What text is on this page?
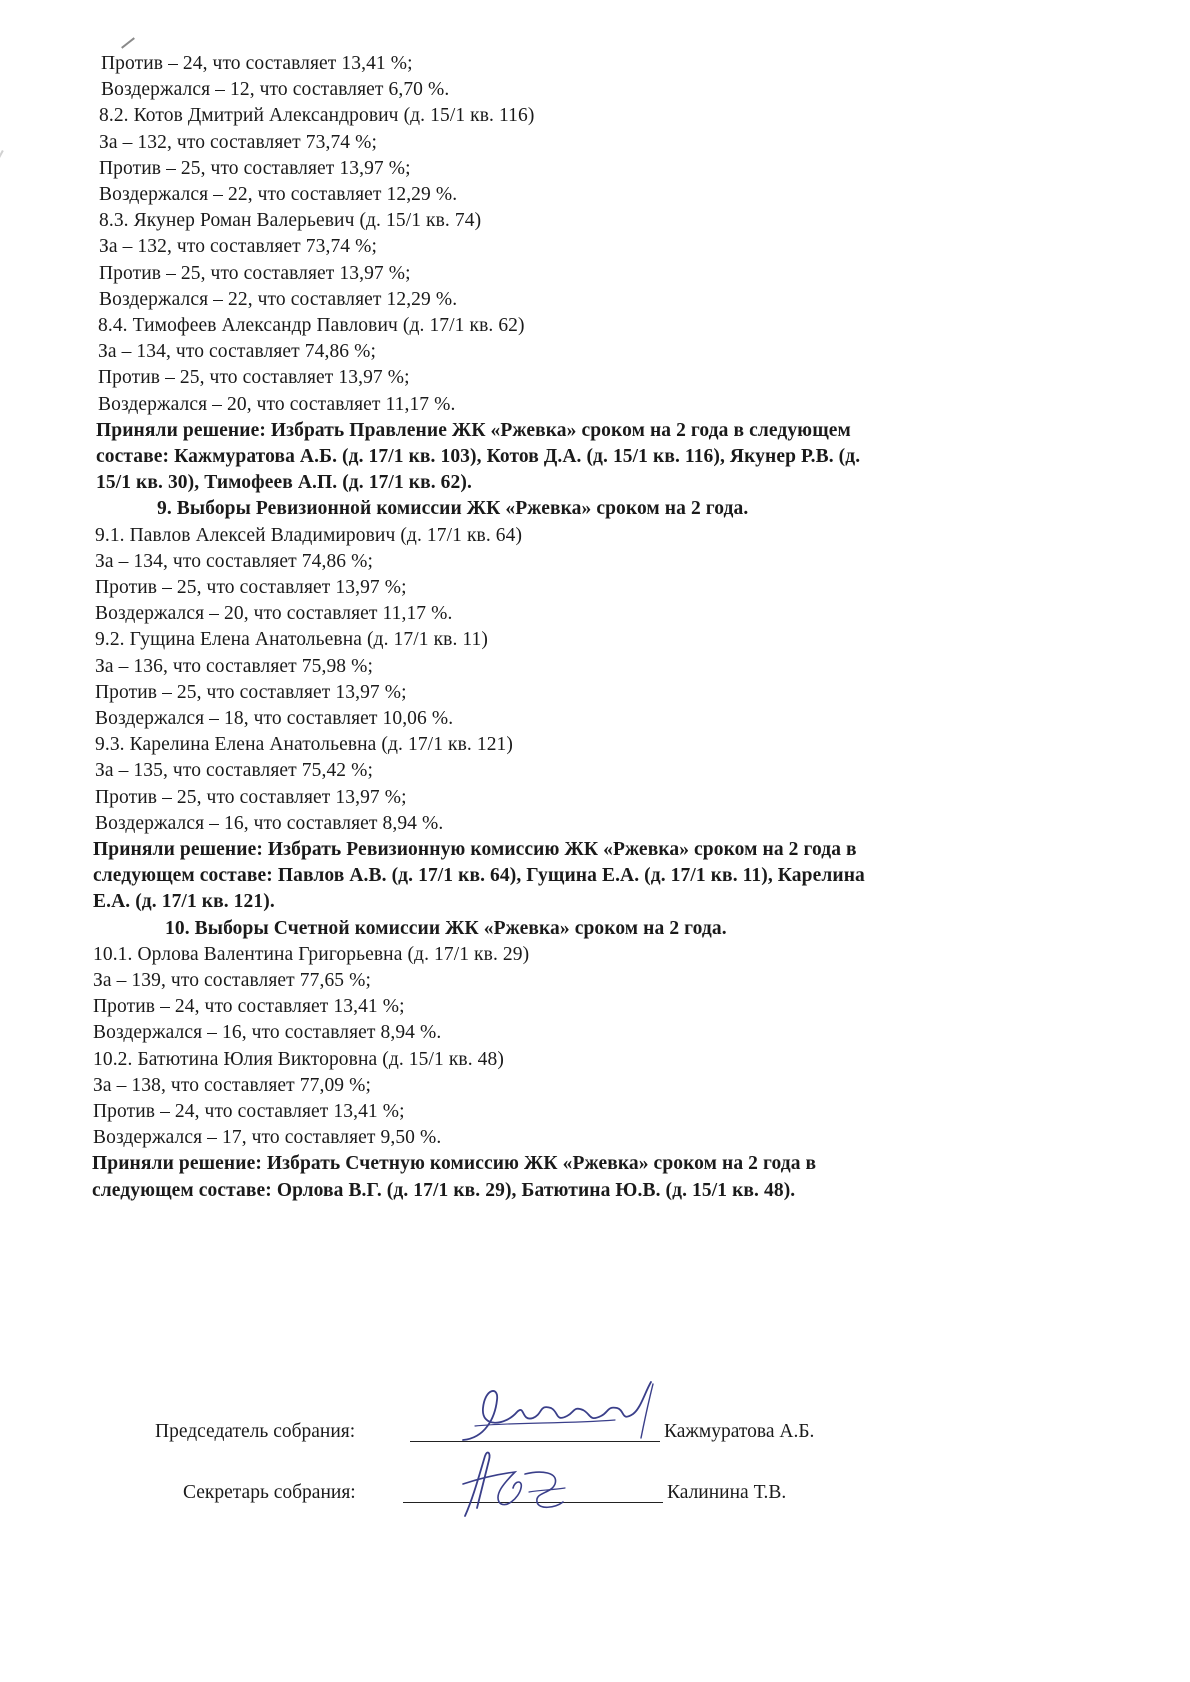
Против – 24, что составляет 13,41 %;
Воздержался – 12, что составляет 6,70 %.
8.2. Котов Дмитрий Александрович (д. 15/1 кв. 116)
За – 132, что составляет 73,74 %;
Против – 25, что составляет 13,97 %;
Воздержался – 22, что составляет 12,29 %.
8.3. Якунер Роман Валерьевич (д. 15/1 кв. 74)
За – 132, что составляет 73,74 %;
Против – 25, что составляет 13,97 %;
Воздержался – 22, что составляет 12,29 %.
8.4. Тимофеев Александр Павлович (д. 17/1 кв. 62)
За – 134, что составляет 74,86 %;
Против – 25, что составляет 13,97 %;
Воздержался – 20, что составляет 11,17 %.
Приняли решение: Избрать Правление ЖК «Ржевка» сроком на 2 года в следующем
составе: Кажмуратова А.Б. (д. 17/1 кв. 103), Котов Д.А. (д. 15/1 кв. 116), Якунер Р.В. (д.
15/1 кв. 30), Тимофеев А.П. (д. 17/1 кв. 62).
9. Выборы Ревизионной комиссии ЖК «Ржевка» сроком на 2 года.
9.1. Павлов Алексей Владимирович (д. 17/1 кв. 64)
За – 134, что составляет 74,86 %;
Против – 25, что составляет 13,97 %;
Воздержался – 20, что составляет 11,17 %.
9.2. Гущина Елена Анатольевна (д. 17/1 кв. 11)
За – 136, что составляет 75,98 %;
Против – 25, что составляет 13,97 %;
Воздержался – 18, что составляет 10,06 %.
9.3. Карелина Елена Анатольевна (д. 17/1 кв. 121)
За – 135, что составляет 75,42 %;
Против – 25, что составляет 13,97 %;
Воздержался – 16, что составляет 8,94 %.
Приняли решение: Избрать Ревизионную комиссию ЖК «Ржевка» сроком на 2 года в
следующем составе: Павлов А.В. (д. 17/1 кв. 64), Гущина Е.А. (д. 17/1 кв. 11), Карелина
Е.А. (д. 17/1 кв. 121).
10. Выборы Счетной комиссии ЖК «Ржевка» сроком на 2 года.
10.1. Орлова Валентина Григорьевна (д. 17/1 кв. 29)
За – 139, что составляет 77,65 %;
Против – 24, что составляет 13,41 %;
Воздержался – 16, что составляет 8,94 %.
10.2. Батютина Юлия Викторовна (д. 15/1 кв. 48)
За – 138, что составляет 77,09 %;
Против – 24, что составляет 13,41 %;
Воздержался – 17, что составляет 9,50 %.
Приняли решение: Избрать Счетную комиссию ЖК «Ржевка» сроком на 2 года в
следующем составе: Орлова В.Г. (д. 17/1 кв. 29), Батютина Ю.В. (д. 15/1 кв. 48).
Председатель собрания:	Кажмуратова А.Б.
Секретарь собрания:	Калинина Т.В.
